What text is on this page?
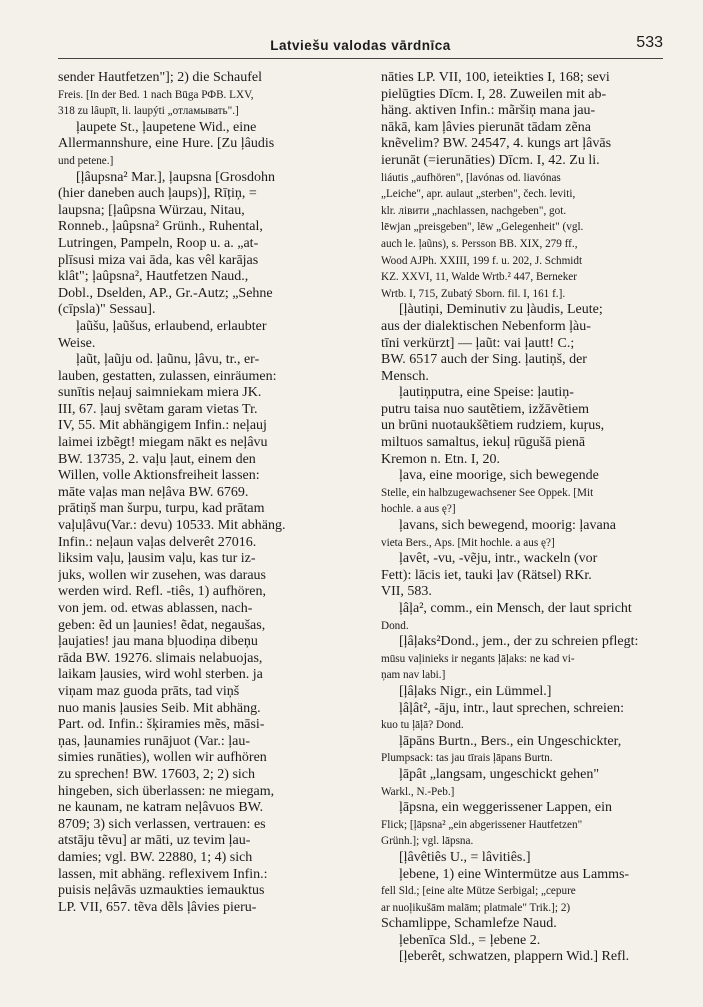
Latviešu valodas vārdnīca	533
sender Hautfetzen"]; 2) die Schaufel
Freis. [In der Bed. 1 nach Būga РФВ. LXV,
318 zu lâupīt, li. laupýti „отламывать".]
ļaupete St., ļaupetene Wid., eine
Allermannshure, eine Hure. [Zu ļâudis
und petene.]
[ļâupsna² Mar.], ļaupsna [Grosdohn
(hier daneben auch ļaups)], Rīțiņ, =
laupsna; [ļaûpsna Würzau, Nitau,
Ronneb., ļaûpsna² Grünh., Ruhental,
Lutringen, Pampeln, Roop u. a. „at-
plīsusi miza vai āda, kas vêl karājas
klât"; ļaûpsna², Hautfetzen Naud.,
Dobl., Dselden, AP., Gr.-Autz; „Sehne
(cīpsla)" Sessau].
ļaũšu, ļaũšus, erlaubend, erlaubter
Weise.
ļaũt, ļaũju od. ļaũnu, ļâvu, tr., er-
lauben, gestatten, zulassen, einräumen:
sunītis neļauj saimniekam miera JK.
III, 67. ļauj svẽtam garam vietas Tr.
IV, 55. Mit abhängigem Infin.: neļauj
laimei izbẽgt! miegam nākt es neļâvu
BW. 13735, 2. vaļu ļaut, einem den
Willen, volle Aktionsfreiheit lassen:
māte vaļas man neļâva BW. 6769.
prātiņš man šurpu, turpu, kad prātam
vaļuļâvu(Var.: devu) 10533. Mit abhäng.
Infin.: neļaun vaļas delverêt 27016.
liksim vaļu, ļausim vaļu, kas tur iz-
juks, wollen wir zusehen, was daraus
werden wird. Refl. -tiês, 1) aufhören,
von jem. od. etwas ablassen, nach-
geben: ẽd un ļaunies! ẽdat, negaušas,
ļaujaties! jau mana bļuodiņa dibeņu
rāda BW. 19276. slimais nelabuojas,
laikam ļausies, wird wohl sterben. ja
viņam maz guoda prāts, tad viņš
nuo manis ļausies Seib. Mit abhäng.
Part. od. Infin.: šķiramies mẽs, māsi-
ņas, ļaunamies runājuot (Var.: ļau-
simies runāties), wollen wir aufhören
zu sprechen! BW. 17603, 2; 2) sich
hingeben, sich überlassen: ne miegam,
ne kaunam, ne katram neļâvuos BW.
8709; 3) sich verlassen, vertrauen: es
atstāju tẽvu] ar māti, uz tevim ļau-
damies; vgl. BW. 22880, 1; 4) sich
lassen, mit abhäng. reflexivem Infin.:
puisis neļâvās uzmaukties iemauktus
LP. VII, 657. tẽva dẽls ļâvies pieru-
nāties LP. VII, 100, ieteikties I, 168; sevi
pielūgties Dīcm. I, 28. Zuweilen mit ab-
häng. aktiven Infin.: mãršiņ mana jau-
nākā, kam ļâvies pierunāt tādam zẽna
knẽvelim? BW. 24547, 4. kungs art ļâvās
ierunāt (=ierunāties) Dīcm. I, 42. Zu li.
liáutis „aufhören", [lavónas od. liavónas
„Leiche", apr. aulaut „sterben", čech. leviti,
klr. лівити „nachlassen, nachgeben", got.
lēwjan „preisgeben", lēw „Gelegenheit" (vgl.
auch le. ļaũns), s. Persson BB. XIX, 279 ff.,
Wood AJPh. XXIII, 199 f. u. 202, J. Schmidt
KZ. XXVI, 11, Walde Wrtb.² 447, Berneker
Wrtb. I, 715, Zubatý Sborn. fil. I, 161 f.].
[ļàutiņi, Deminutiv zu ļàudis, Leute;
aus der dialektischen Nebenform ļàu-
tīni verkürzt] — ļaũt: vai ļautt! C.;
BW. 6517 auch der Sing. ļautiņš, der
Mensch.
ļautiņputra, eine Speise: ļautiņ-
putru taisa nuo sautẽtiem, izžāvẽtiem
un brūni nuotaukšẽtiem rudziem, kuŗus,
miltuos samaltus, iekuļ rūgušā pienā
Kremon n. Etn. I, 20.
ļava, eine moorige, sich bewegende
Stelle, ein halbzugewachsener See Oppek. [Mit
hochle. a aus ę?]
ļavans, sich bewegend, moorig: ļavana
vieta Bers., Aps. [Mit hochle. a aus ę?]
ļavêt, -vu, -vẽju, intr., wackeln (vor
Fett): lācis iet, tauki ļav (Rätsel) RKr.
VII, 583.
ļâļa², comm., ein Mensch, der laut spricht
Dond.
[ļâļaks²Dond., jem., der zu schreien pflegt:
mūsu vaļinieks ir negants ļāļaks: ne kad vi-
ņam nav labi.]
[ļâļaks Nigr., ein Lümmel.]
ļâļât², -āju, intr., laut sprechen, schreien:
kuo tu ļāļā? Dond.
ļāpāns Burtn., Bers., ein Ungeschickter,
Plumpsack: tas jau tīrais ļāpans Burtn.
ļāpât „langsam, ungeschickt gehen"
Warkl., N.-Peb.]
ļāpsna, ein weggerissener Lappen, ein
Flick; [ļāpsna² „ein abgerissener Hautfetzen"
Grünh.]; vgl. lāpsna.
[ļâvêtiês U., = lâvitiês.]
ļebene, 1) eine Wintermütze aus Lamms-
fell Sld.; [eine alte Mütze Serbigal; „cepure
ar nuoļikušām malām; platmale" Trik.]; 2)
Schamlippe, Schamlefze Naud.
ļebenīca Sld., = ļebene 2.
[ļeberêt, schwatzen, plappern Wid.] Refl.
